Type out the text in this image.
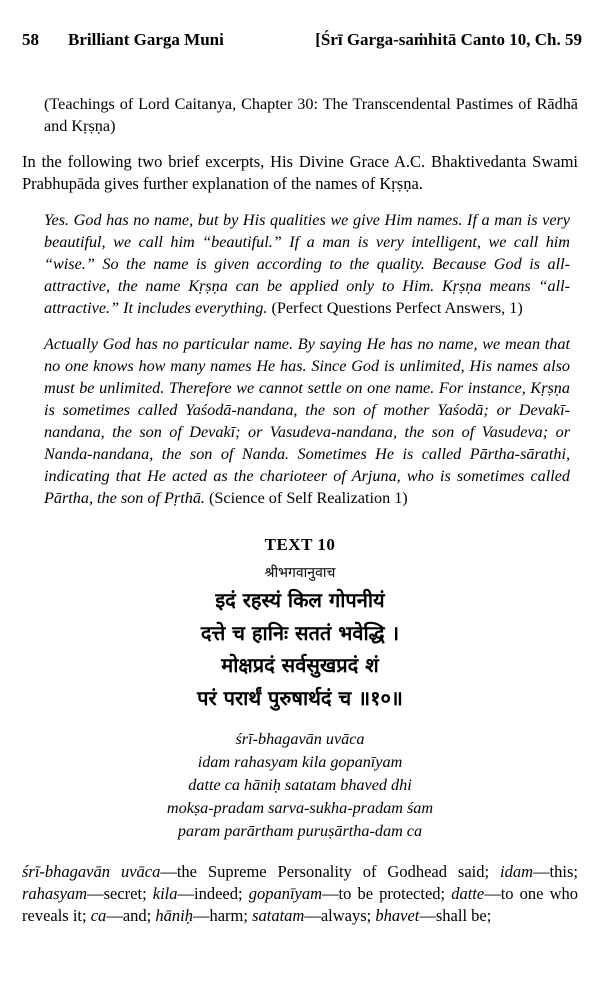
58	Brilliant Garga Muni	[Śrī Garga-saṁhitā Canto 10, Ch. 59

(Teachings of Lord Caitanya, Chapter 30: The Transcendental Pastimes of Rādhā and Kṛṣṇa)

In the following two brief excerpts, His Divine Grace A.C. Bhaktivedanta Swami Prabhupāda gives further explanation of the names of Kṛṣṇa.

Yes. God has no name, but by His qualities we give Him names. If a man is very beautiful, we call him “beautiful.” If a man is very intelligent, we call him “wise.” So the name is given according to the quality. Because God is all-attractive, the name Kṛṣṇa can be applied only to Him. Kṛṣṇa means “all-attractive.” It includes everything. (Perfect Questions Perfect Answers, 1)

Actually God has no particular name. By saying He has no name, we mean that no one knows how many names He has. Since God is unlimited, His names also must be unlimited. Therefore we cannot settle on one name. For instance, Kṛṣṇa is sometimes called Yaśodā-nandana, the son of mother Yaśodā; or Devakī-nandana, the son of Devakī; or Vasudeva-nandana, the son of Vasudeva; or Nanda-nandana, the son of Nanda. Sometimes He is called Pārtha-sārathi, indicating that He acted as the charioteer of Arjuna, who is sometimes called Pārtha, the son of Pṛthā. (Science of Self Realization 1)

TEXT 10
श्रीभगवानुवाच
इदं रहस्यं किल गोपनीयं
दत्ते च हानिः सततं भवेद्धि ।
मोक्षप्रदं सर्वसुखप्रदं शं
परं परार्थं पुरुषार्थदं च ॥१०॥
śrī-bhagavān uvāca
idam rahasyam kila gopanīyam
datte ca hāniḥ satatam bhaved dhi
mokṣa-pradam sarva-sukha-pradam śam
param parārtham puruṣārtha-dam ca

śrī-bhagavān uvāca—the Supreme Personality of Godhead said; idam—this; rahasyam—secret; kila—indeed; gopanīyam—to be protected; datte—to one who reveals it; ca—and; hāniḥ—harm; satatam—always; bhavet—shall be;
